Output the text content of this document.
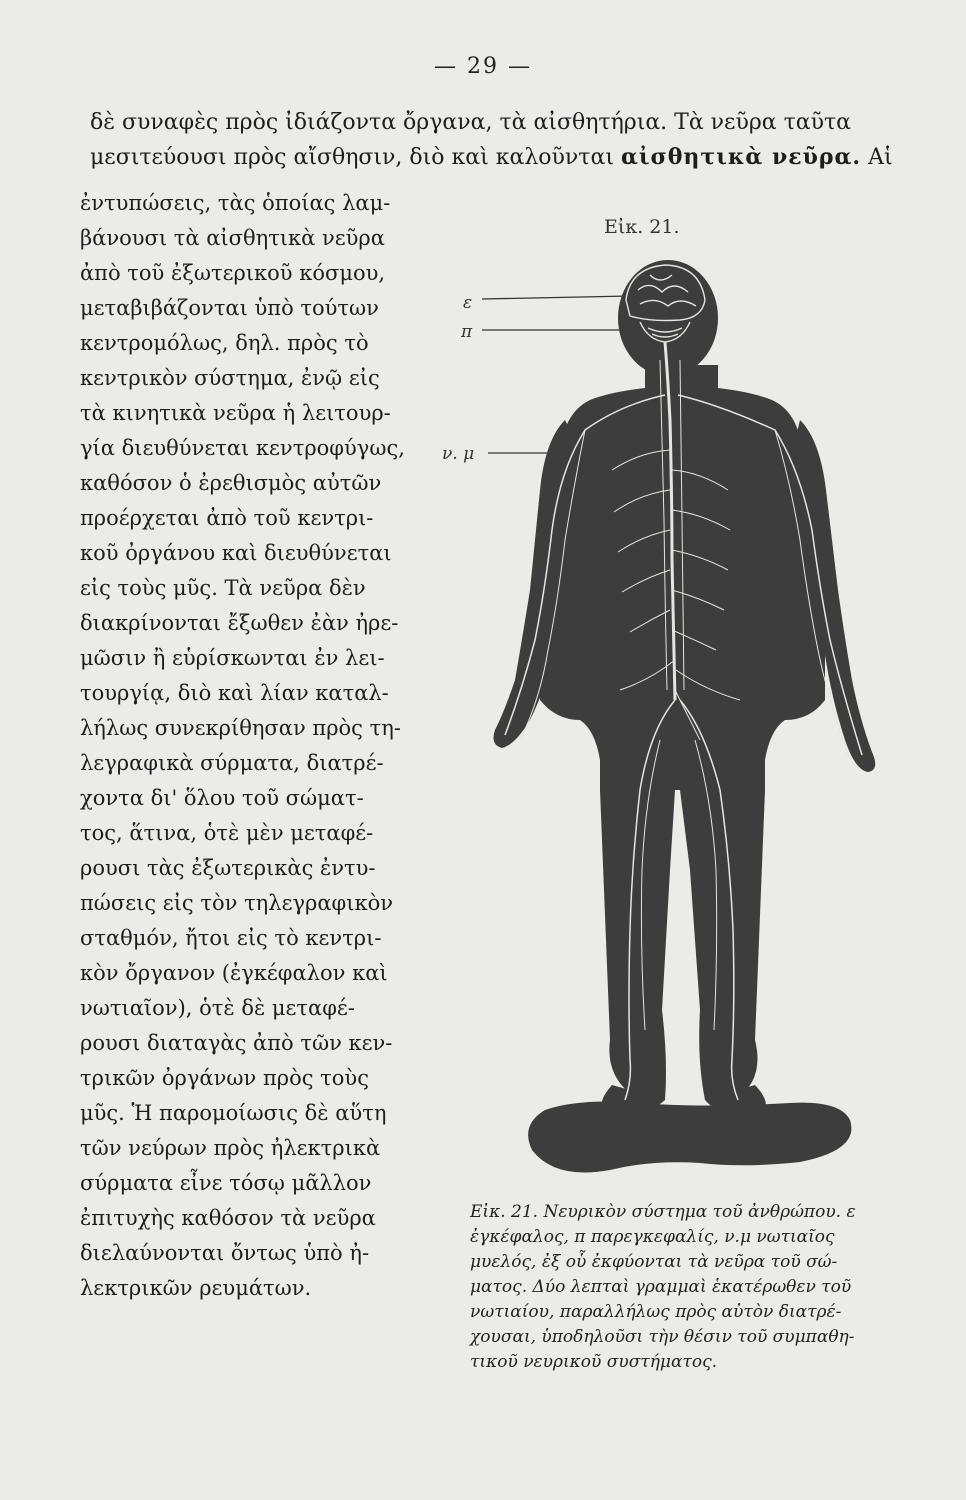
— 29 —
δὲ συναφὲς πρὸς ἰδιάζοντα ὄργανα, τὰ αἰσθητήρια. Τὰ νεῦρα ταῦτα
μεσιτεύουσι πρὸς αἴσθησιν, διὸ καὶ καλοῦνται αἰσθητικὰ νεῦρα. Αἱ
ἐντυπώσεις, τὰς ὁποίας λαμ-
βάνουσι τὰ αἰσθητικὰ νεῦρα
ἀπὸ τοῦ ἐξωτερικοῦ κόσμου,
μεταβιβάζονται ὑπὸ τούτων
κεντρομόλως, δηλ. πρὸς τὸ
κεντρικὸν σύστημα, ἐνῷ εἰς
τὰ κινητικὰ νεῦρα ἡ λειτουρ-
γία διευθύνεται κεντροφύγως,
καθόσον ὁ ἐρεθισμὸς αὐτῶν
προέρχεται ἀπὸ τοῦ κεντρι-
κοῦ ὀργάνου καὶ διευθύνεται
εἰς τοὺς μῦς. Τὰ νεῦρα δὲν
διακρίνονται ἔξωθεν ἐὰν ἠρε-
μῶσιν ἢ εὑρίσκωνται ἐν λει-
τουργίᾳ, διὸ καὶ λίαν καταλ-
λήλως συνεκρίθησαν πρὸς τη-
λεγραφικὰ σύρματα, διατρέ-
χοντα δι' ὅλου τοῦ σώματ-
τος, ἅτινα, ὁτὲ μὲν μεταφέ-
ρουσι τὰς ἐξωτερικὰς ἐντυ-
πώσεις εἰς τὸν τηλεγραφικὸν
σταθμόν, ἤτοι εἰς τὸ κεντρι-
κὸν ὄργανον (ἐγκέφαλον καὶ
νωτιαῖον), ὁτὲ δὲ μεταφέ-
ρουσι διαταγὰς ἀπὸ τῶν κεν-
τρικῶν ὀργάνων πρὸς τοὺς
μῦς. Ἡ παρομοίωσις δὲ αὕτη
τῶν νεύρων πρὸς ἠλεκτρικὰ
σύρματα εἶνε τόσῳ μᾶλλον
ἐπιτυχὴς καθόσον τὰ νεῦρα
διελαύνονται ὄντως ὑπὸ ἠ-
λεκτρικῶν ρευμάτων.
Εἰκ. 21.
ε
π
ν. μ
Εἰκ. 21. Νευρικὸν σύστημα τοῦ ἀνθρώπου. ε
ἐγκέφαλος, π παρεγκεφαλίς, ν.μ νωτιαῖος
μυελός, ἐξ οὗ ἐκφύονται τὰ νεῦρα τοῦ σώ-
ματος. Δύο λεπταὶ γραμμαὶ ἑκατέρωθεν τοῦ
νωτιαίου, παραλλήλως πρὸς αὐτὸν διατρέ-
χουσαι, ὑποδηλοῦσι τὴν θέσιν τοῦ συμπαθη-
τικοῦ νευρικοῦ συστήματος.
